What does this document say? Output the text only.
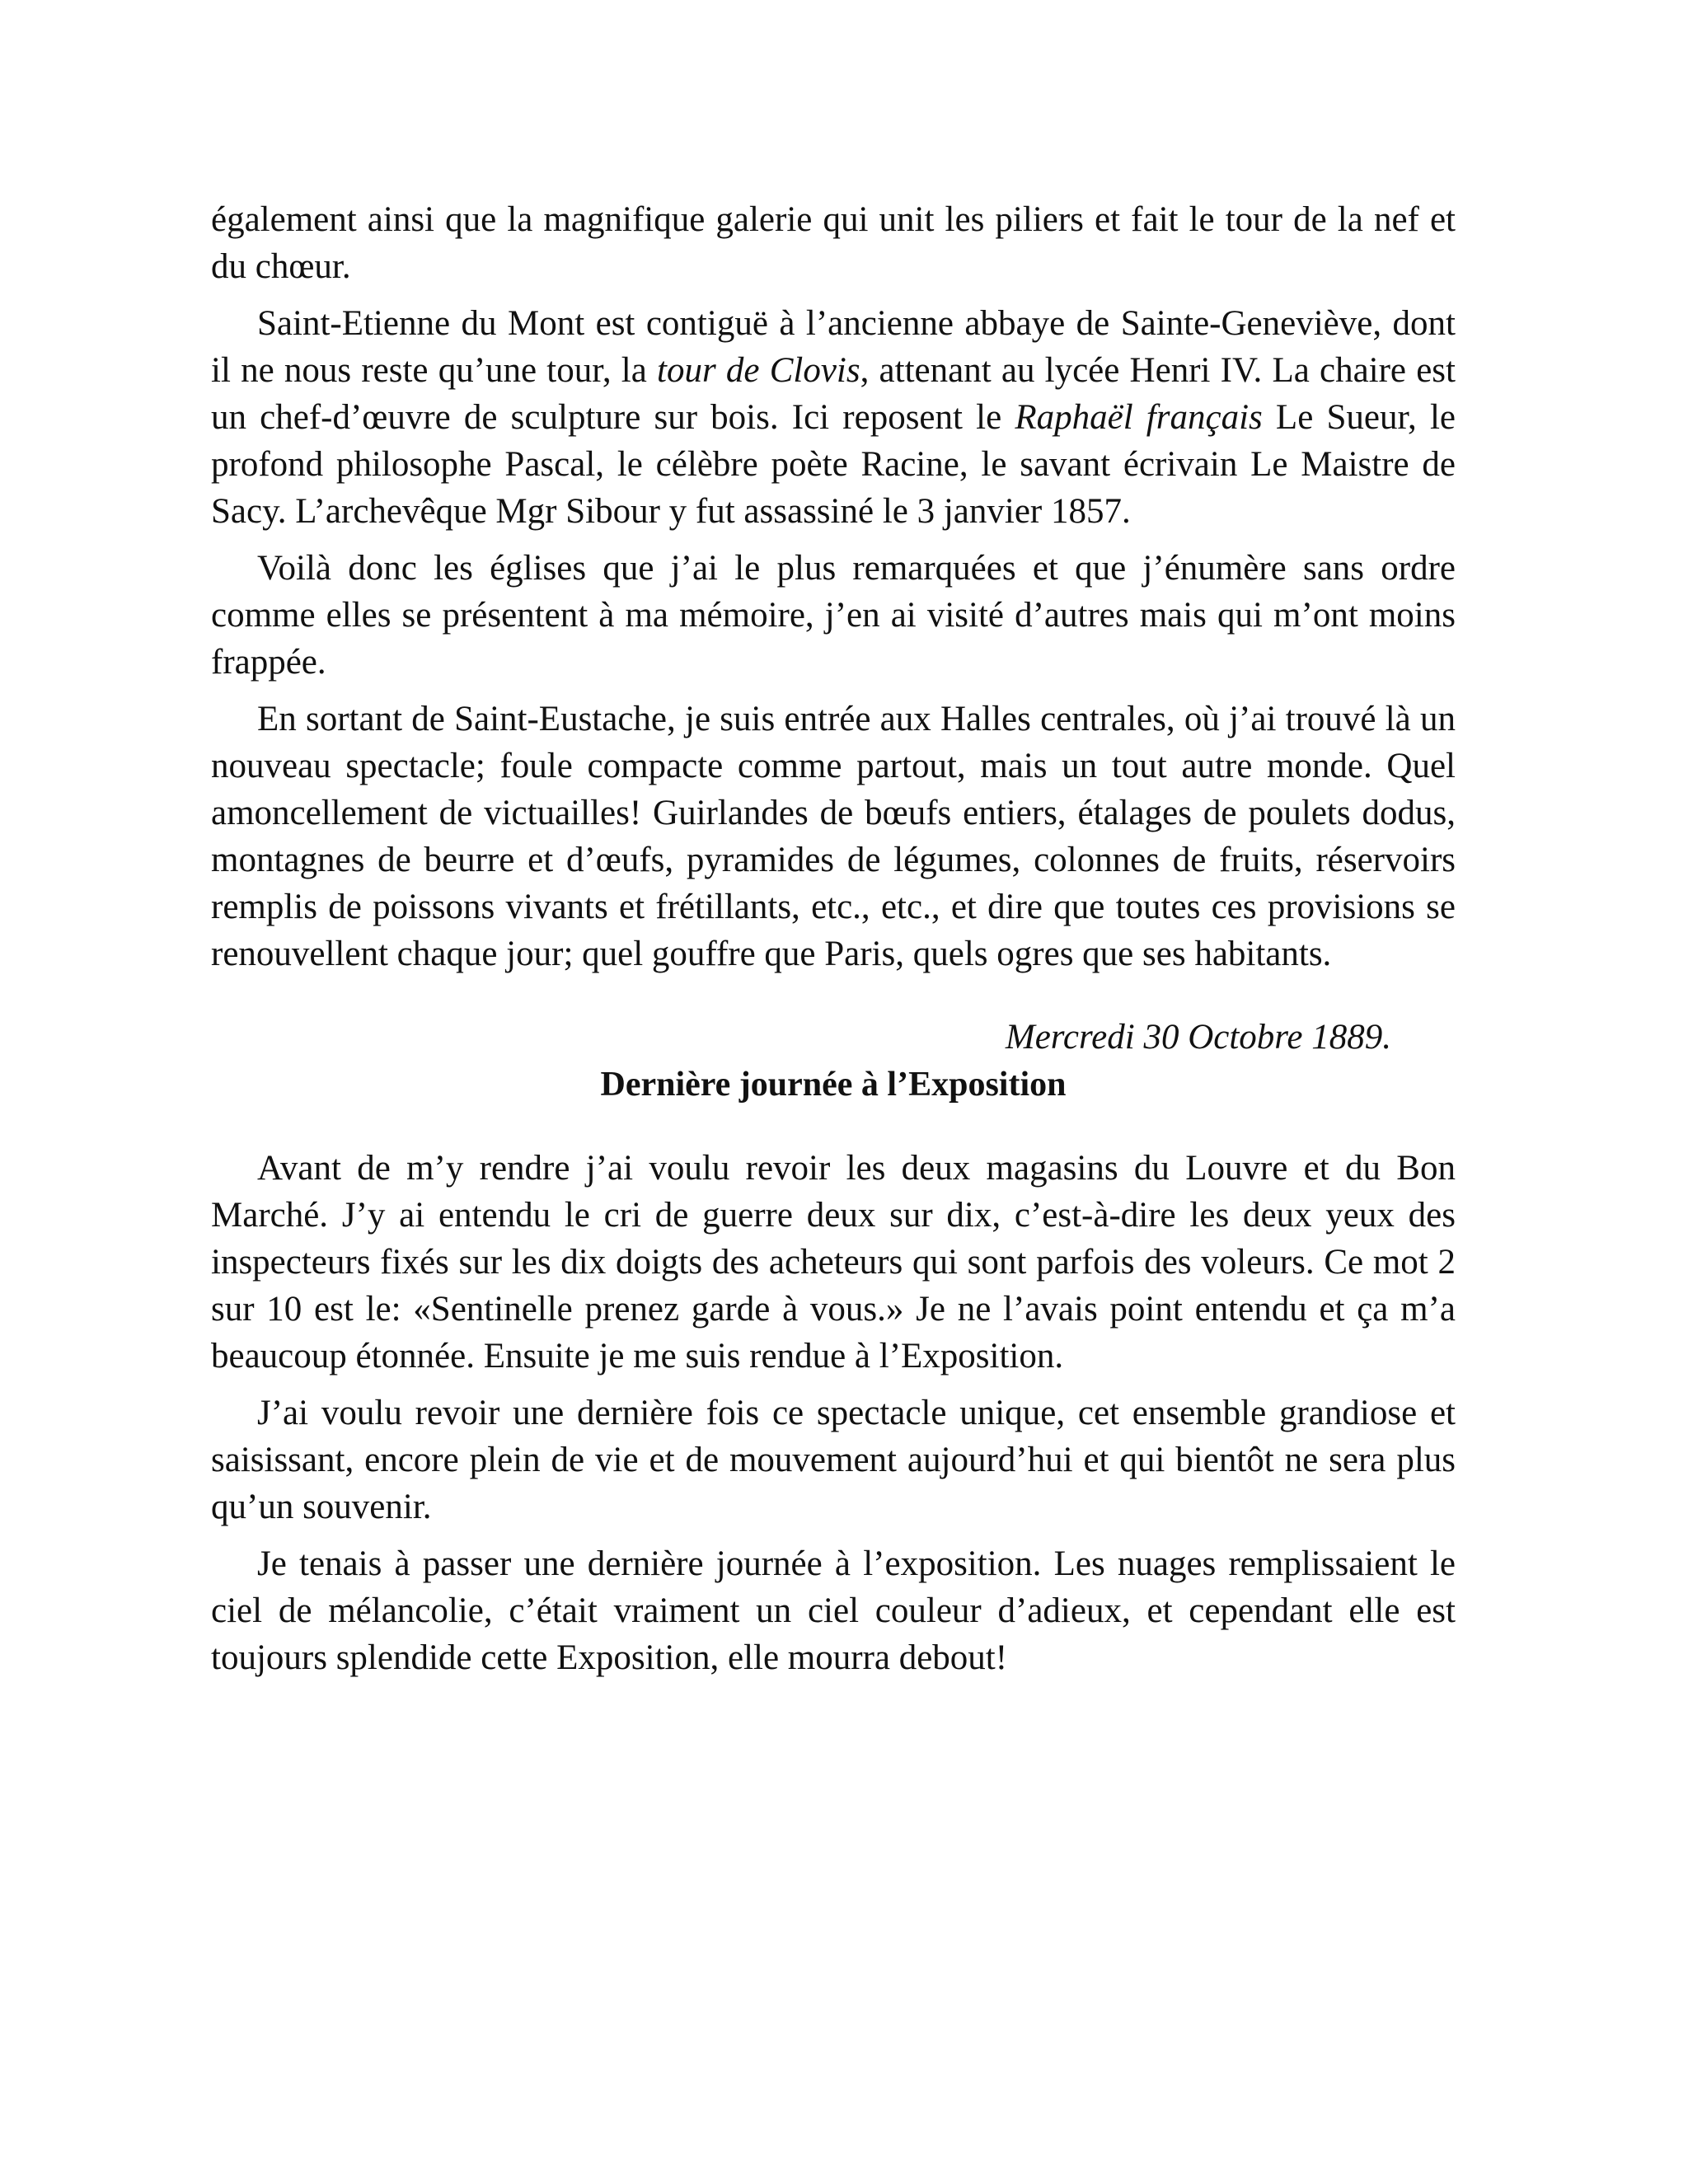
également ainsi que la magnifique galerie qui unit les piliers et fait le tour de la nef et du chœur.

Saint-Etienne du Mont est contiguë à l’ancienne abbaye de Sainte-Geneviève, dont il ne nous reste qu’une tour, la tour de Clovis, attenant au lycée Henri IV. La chaire est un chef-d’œuvre de sculpture sur bois. Ici reposent le Raphaël français Le Sueur, le profond philosophe Pascal, le célèbre poète Racine, le savant écrivain Le Maistre de Sacy. L’archevêque Mgr Sibour y fut assassiné le 3 janvier 1857.

Voilà donc les églises que j’ai le plus remarquées et que j’énumère sans ordre comme elles se présentent à ma mémoire, j’en ai visité d’autres mais qui m’ont moins frappée.

En sortant de Saint-Eustache, je suis entrée aux Halles centrales, où j’ai trouvé là un nouveau spectacle; foule compacte comme partout, mais un tout autre monde. Quel amoncellement de victuailles! Guirlandes de bœufs entiers, étalages de poulets dodus, montagnes de beurre et d’œufs, pyramides de légumes, colonnes de fruits, réservoirs remplis de poissons vivants et frétillants, etc., etc., et dire que toutes ces provisions se renouvellent chaque jour; quel gouffre que Paris, quels ogres que ses habitants.

Mercredi 30 Octobre 1889.
Dernière journée à l’Exposition

Avant de m’y rendre j’ai voulu revoir les deux magasins du Louvre et du Bon Marché. J’y ai entendu le cri de guerre deux sur dix, c’est-à-dire les deux yeux des inspecteurs fixés sur les dix doigts des acheteurs qui sont parfois des voleurs. Ce mot 2 sur 10 est le: «Sentinelle prenez garde à vous.» Je ne l’avais point entendu et ça m’a beaucoup étonnée. Ensuite je me suis rendue à l’Exposition.

J’ai voulu revoir une dernière fois ce spectacle unique, cet ensemble grandiose et saisissant, encore plein de vie et de mouvement aujourd’hui et qui bientôt ne sera plus qu’un souvenir.

Je tenais à passer une dernière journée à l’exposition. Les nuages remplissaient le ciel de mélancolie, c’était vraiment un ciel couleur d’adieux, et cependant elle est toujours splendide cette Exposition, elle mourra debout!
